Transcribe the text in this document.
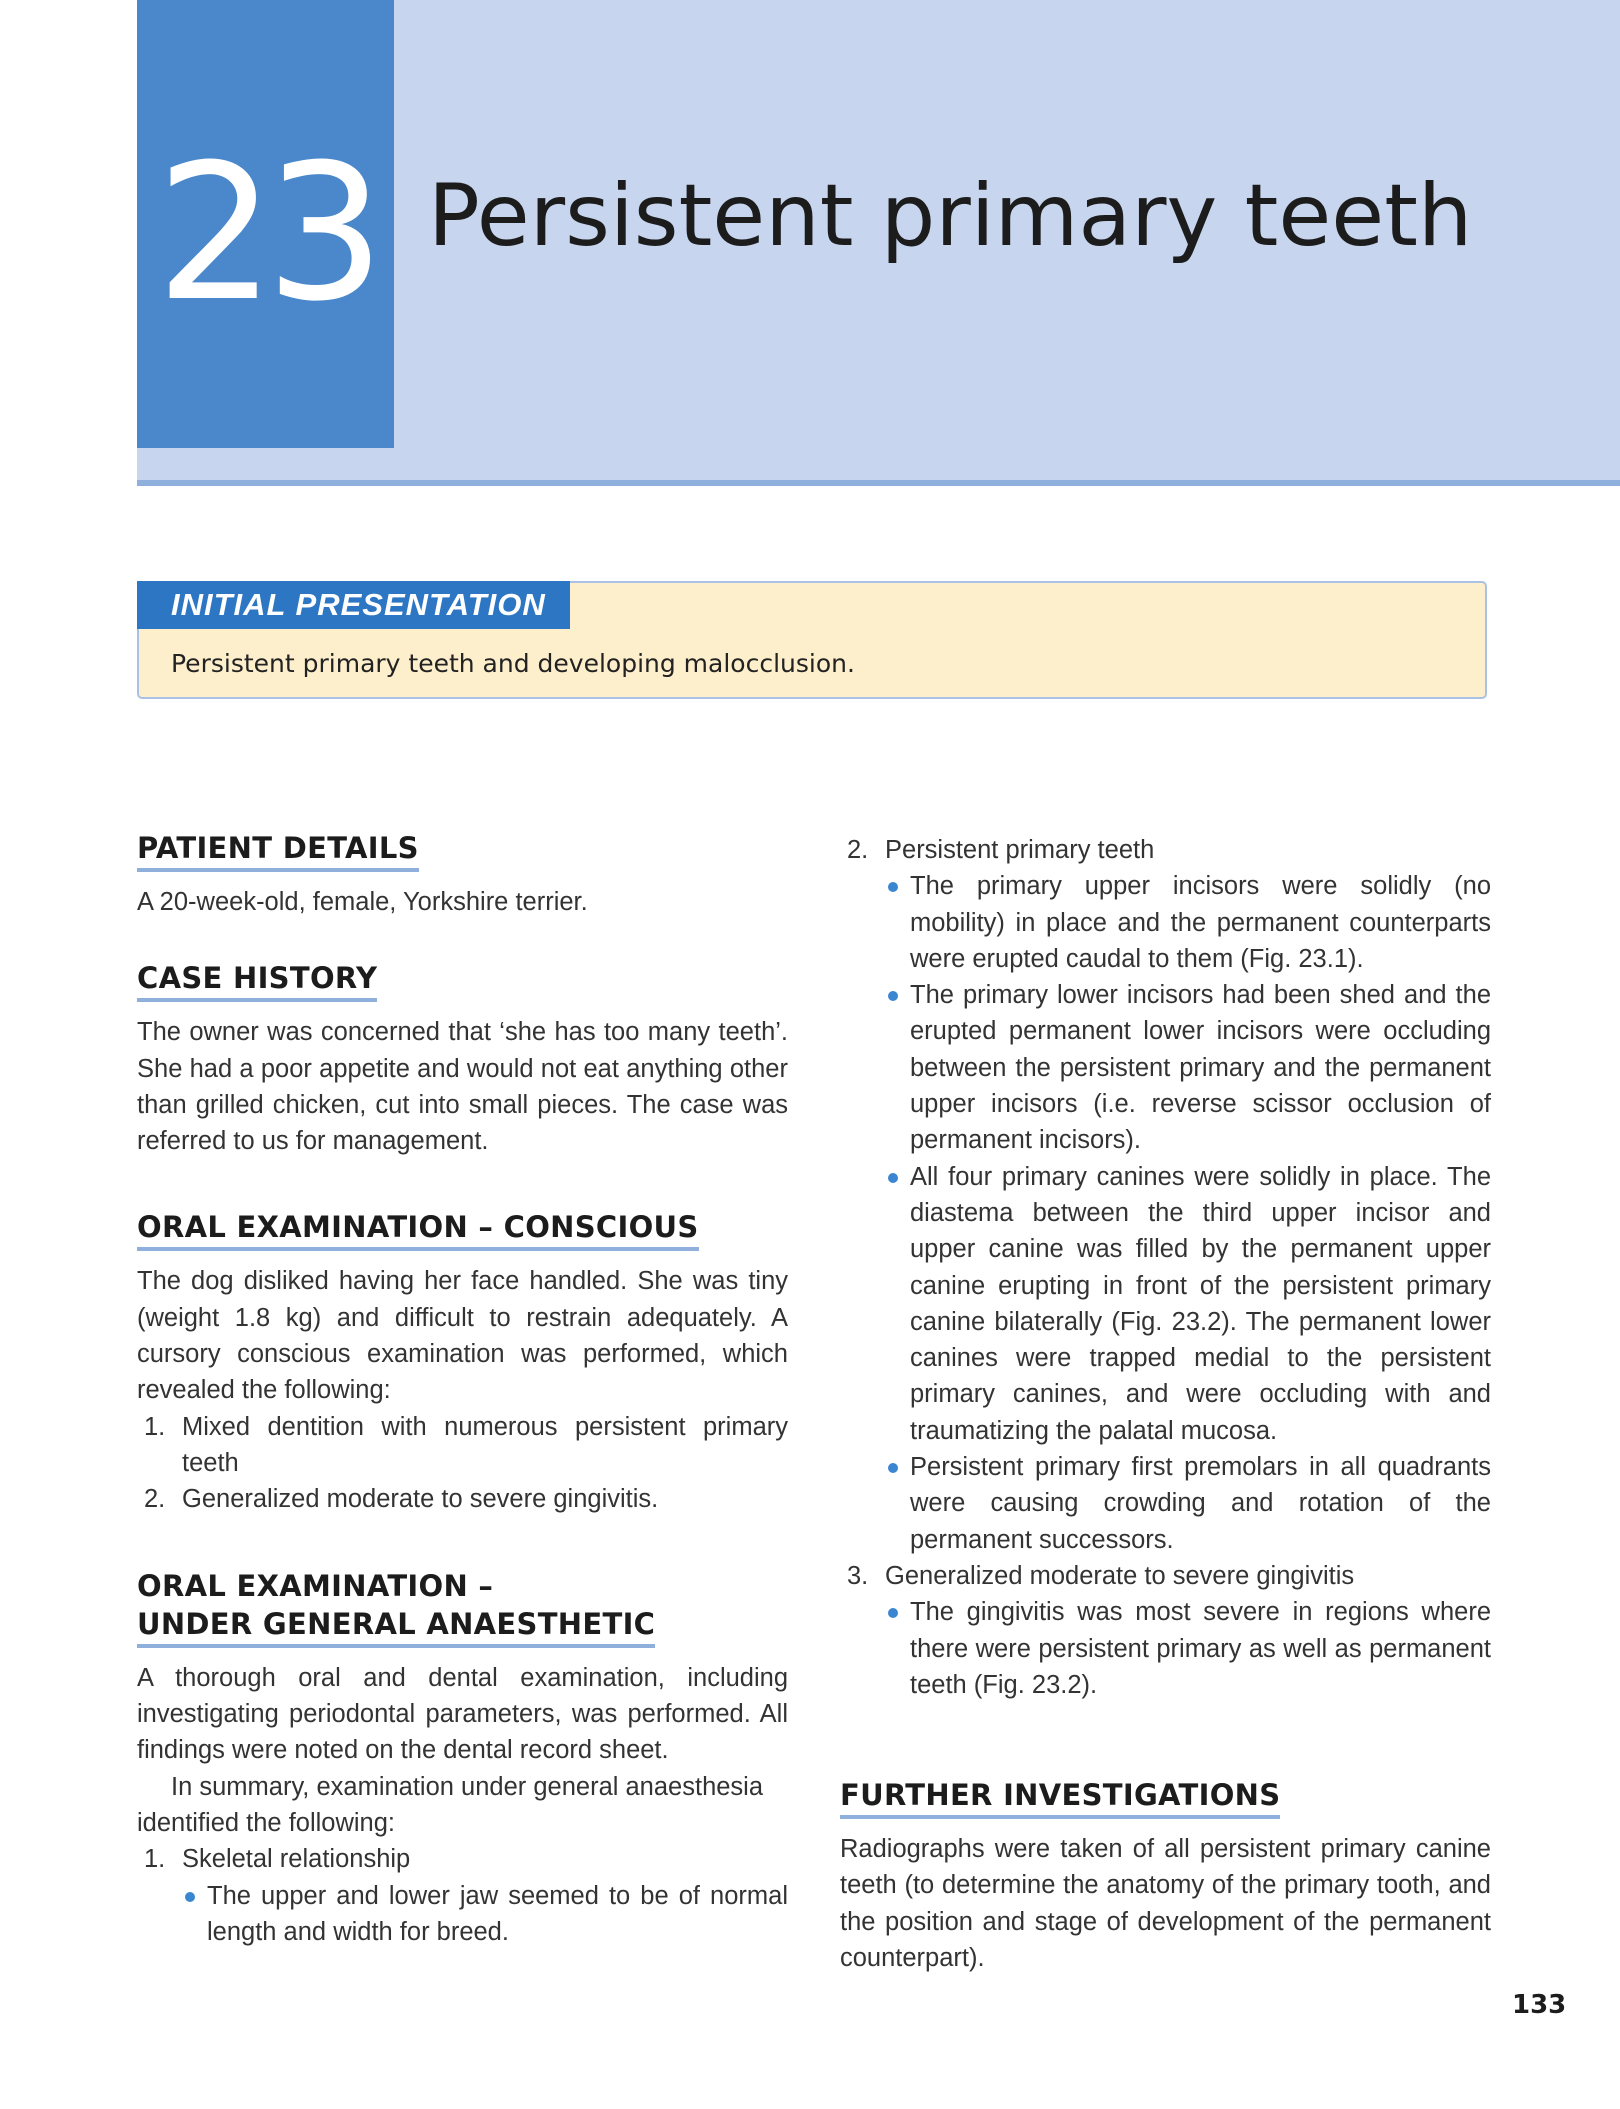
23 Persistent primary teeth
INITIAL PRESENTATION
Persistent primary teeth and developing malocclusion.
PATIENT DETAILS

A 20-week-old, female, Yorkshire terrier.

CASE HISTORY

The owner was concerned that ‘she has too many teeth’. She had a poor appetite and would not eat anything other than grilled chicken, cut into small pieces. The case was referred to us for management.

ORAL EXAMINATION – CONSCIOUS

The dog disliked having her face handled. She was tiny (weight 1.8 kg) and difficult to restrain adequately. A cursory conscious examination was performed, which revealed the following:

1. Mixed dentition with numerous persistent primary teeth
2. Generalized moderate to severe gingivitis.
ORAL EXAMINATION –
UNDER GENERAL ANAESTHETIC

A thorough oral and dental examination, including investigating periodontal parameters, was performed. All findings were noted on the dental record sheet.

In summary, examination under general anaesthesia identified the following:

1. Skeletal relationship
The upper and lower jaw seemed to be of normal length and width for breed.
2. Persistent primary teeth
The primary upper incisors were solidly (no mobility) in place and the permanent counterparts were erupted caudal to them (Fig. 23.1).
The primary lower incisors had been shed and the erupted permanent lower incisors were occluding between the persistent primary and the permanent upper incisors (i.e. reverse scissor occlusion of permanent incisors).
All four primary canines were solidly in place. The diastema between the third upper incisor and upper canine was filled by the permanent upper canine erupting in front of the persistent primary canine bilaterally (Fig. 23.2). The permanent lower canines were trapped medial to the persistent primary canines, and were occluding with and traumatizing the palatal mucosa.
Persistent primary first premolars in all quadrants were causing crowding and rotation of the permanent successors.
3. Generalized moderate to severe gingivitis
The gingivitis was most severe in regions where there were persistent primary as well as permanent teeth (Fig. 23.2).
FURTHER INVESTIGATIONS

Radiographs were taken of all persistent primary canine teeth (to determine the anatomy of the primary tooth, and the position and stage of development of the permanent counterpart).

133
